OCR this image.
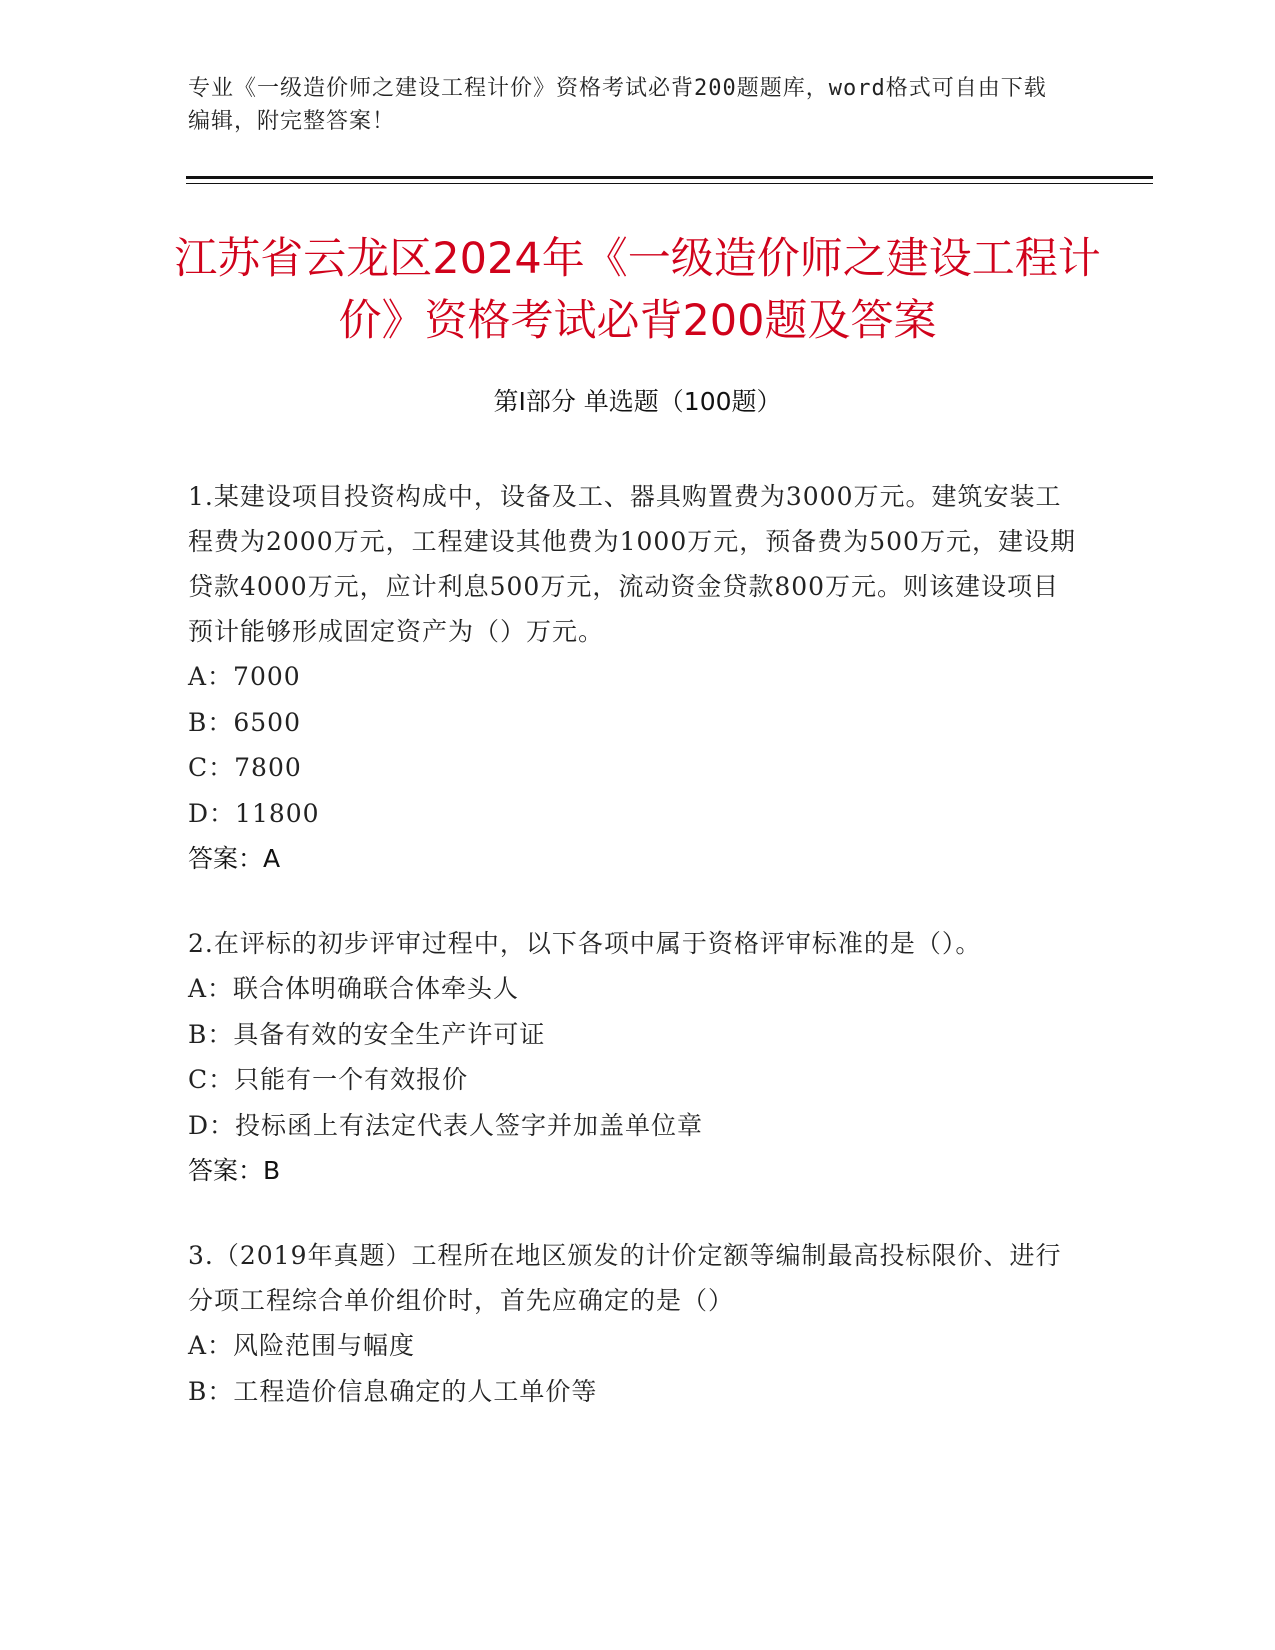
专业《一级造价师之建设工程计价》资格考试必背200题题库，word格式可自由下载编辑，附完整答案！
江苏省云龙区2024年《一级造价师之建设工程计价》资格考试必背200题及答案
第Ⅰ部分 单选题（100题）
1.某建设项目投资构成中，设备及工、器具购置费为3000万元。建筑安装工程费为2000万元，工程建设其他费为1000万元，预备费为500万元，建设期贷款4000万元，应计利息500万元，流动资金贷款800万元。则该建设项目预计能够形成固定资产为（）万元。
A：7000
B：6500
C：7800
D：11800
答案：A
2.在评标的初步评审过程中，以下各项中属于资格评审标准的是（）。
A：联合体明确联合体牵头人
B：具备有效的安全生产许可证
C：只能有一个有效报价
D：投标函上有法定代表人签字并加盖单位章
答案：B
3.（2019年真题）工程所在地区颁发的计价定额等编制最高投标限价、进行分项工程综合单价组价时，首先应确定的是（）
A：风险范围与幅度
B：工程造价信息确定的人工单价等
